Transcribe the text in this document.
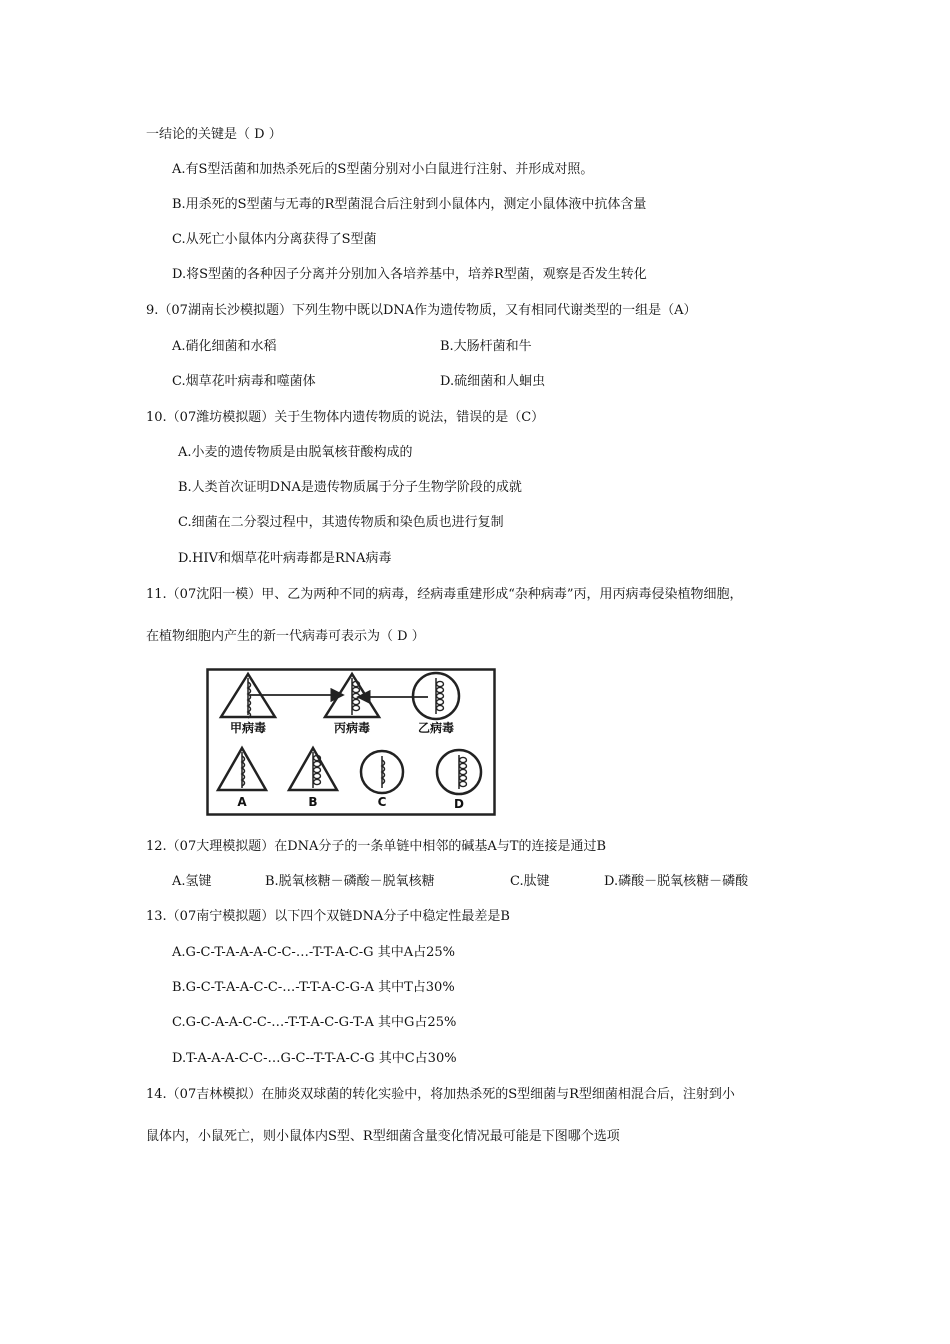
一结论的关键是（ D ）
A.有S型活菌和加热杀死后的S型菌分别对小白鼠进行注射、并形成对照。
B.用杀死的S型菌与无毒的R型菌混合后注射到小鼠体内，测定小鼠体液中抗体含量
C.从死亡小鼠体内分离获得了S型菌
D.将S型菌的各种因子分离并分别加入各培养基中，培养R型菌，观察是否发生转化
9.（07湖南长沙模拟题）下列生物中既以DNA作为遗传物质，又有相同代谢类型的一组是（A）
A.硝化细菌和水稻	B.大肠杆菌和牛
C.烟草花叶病毒和噬菌体	D.硫细菌和人蛔虫
10.（07潍坊模拟题）关于生物体内遗传物质的说法，错误的是（C）
A.小麦的遗传物质是由脱氧核苷酸构成的
B.人类首次证明DNA是遗传物质属于分子生物学阶段的成就
C.细菌在二分裂过程中，其遗传物质和染色质也进行复制
D.HIV和烟草花叶病毒都是RNA病毒
11.（07沈阳一模）甲、乙为两种不同的病毒，经病毒重建形成“杂种病毒”丙，用丙病毒侵染植物细胞，
在植物细胞内产生的新一代病毒可表示为（ D ）
甲病毒	丙病毒	乙病毒
A	B	C	D
12.（07大理模拟题）在DNA分子的一条单链中相邻的碱基A与T的连接是通过B
A.氢键	B.脱氧核糖－磷酸－脱氧核糖	C.肽键	D.磷酸－脱氧核糖－磷酸
13.（07南宁模拟题）以下四个双链DNA分子中稳定性最差是B
A.G-C-T-A-A-A-C-C-…-T-T-A-C-G 其中A占25%
B.G-C-T-A-A-C-C-…-T-T-A-C-G-A 其中T占30%
C.G-C-A-A-C-C-…-T-T-A-C-G-T-A 其中G占25%
D.T-A-A-A-C-C-…G-C--T-T-A-C-G 其中C占30%
14.（07吉林模拟）在肺炎双球菌的转化实验中，将加热杀死的S型细菌与R型细菌相混合后，注射到小
鼠体内，小鼠死亡，则小鼠体内S型、R型细菌含量变化情况最可能是下图哪个选项
